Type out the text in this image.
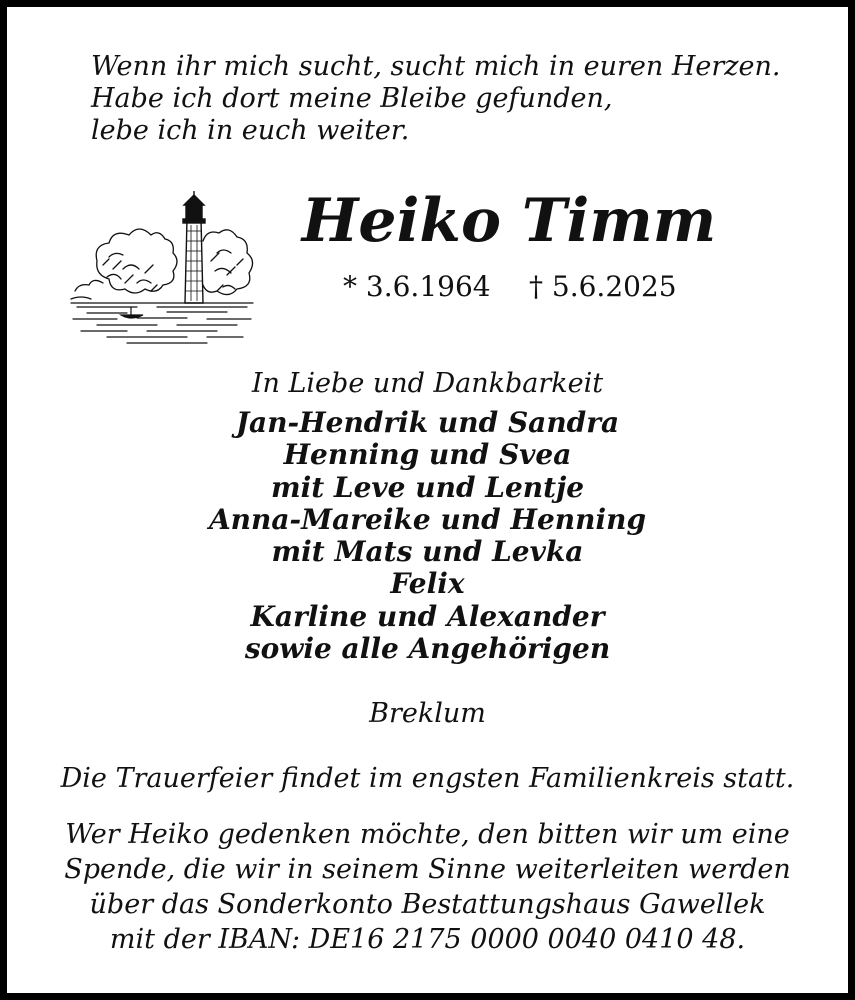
Wenn ihr mich sucht, sucht mich in euren Herzen.
Habe ich dort meine Bleibe gefunden,
lebe ich in euch weiter.
Heiko Timm
* 3.6.1964 † 5.6.2025
In Liebe und Dankbarkeit
Jan-Hendrik und Sandra
Henning und Svea
mit Leve und Lentje
Anna-Mareike und Henning
mit Mats und Levka
Felix
Karline und Alexander
sowie alle Angehörigen
Breklum
Die Trauerfeier findet im engsten Familienkreis statt.
Wer Heiko gedenken möchte, den bitten wir um eine
Spende, die wir in seinem Sinne weiterleiten werden
über das Sonderkonto Bestattungshaus Gawellek
mit der IBAN: DE16 2175 0000 0040 0410 48.
